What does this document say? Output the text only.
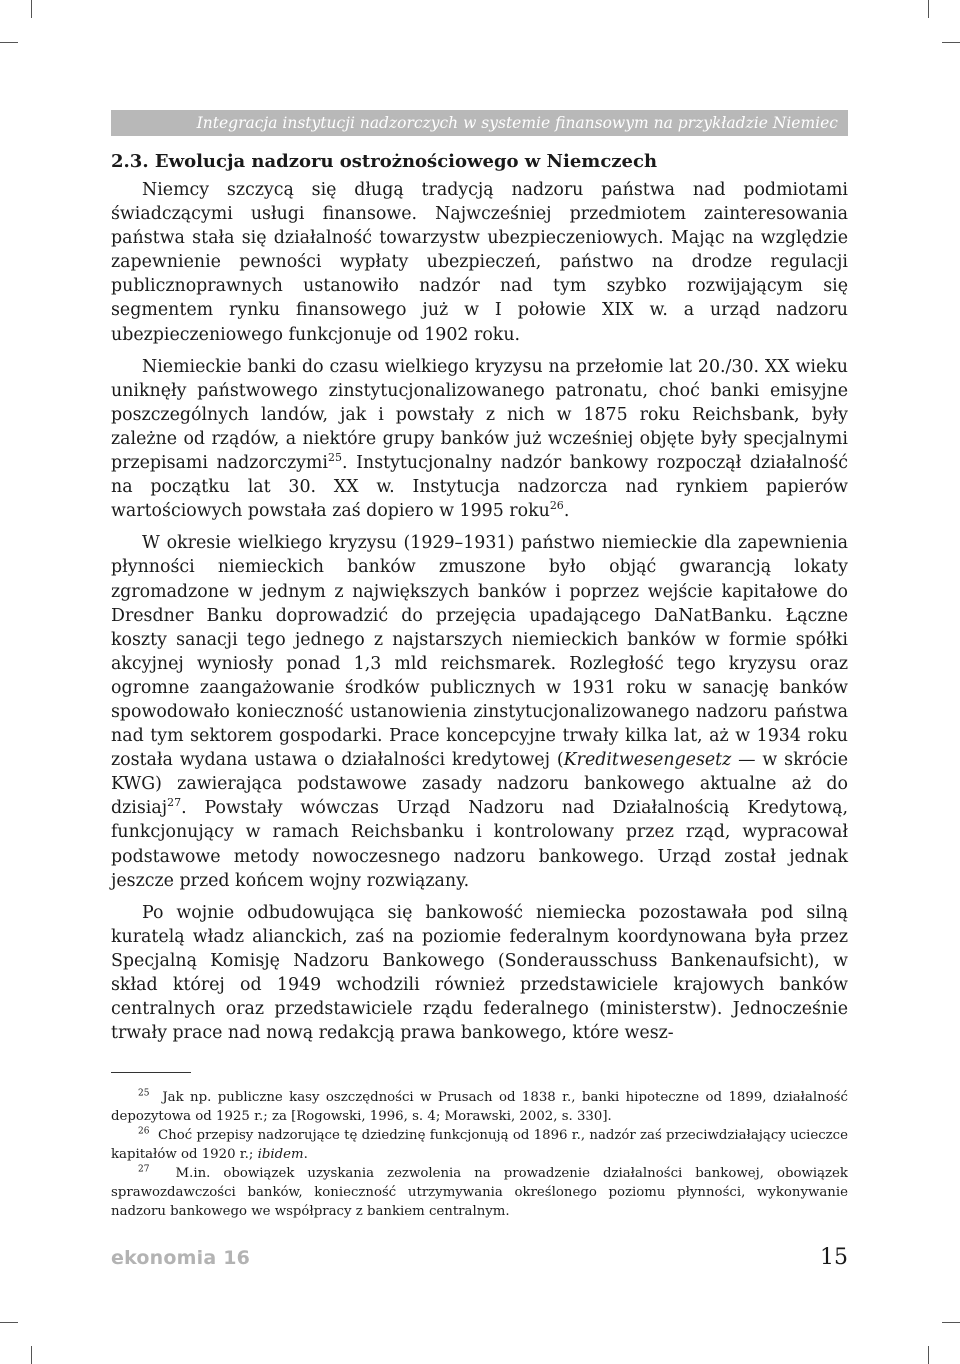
Integracja instytucji nadzorczych w systemie finansowym na przykładzie Niemiec
2.3. Ewolucja nadzoru ostrożnościowego w Niemczech

Niemcy szczycą się długą tradycją nadzoru państwa nad podmiotami świadczącymi usługi finansowe. Najwcześniej przedmiotem zainteresowania państwa stała się działalność towarzystw ubezpieczeniowych. Mając na względzie zapewnienie pewności wypłaty ubezpieczeń, państwo na drodze regulacji publicznoprawnych ustanowiło nadzór nad tym szybko rozwijającym się segmentem rynku finansowego już w I połowie XIX w. a urząd nadzoru ubezpieczeniowego funkcjonuje od 1902 roku.

Niemieckie banki do czasu wielkiego kryzysu na przełomie lat 20./30. XX wieku uniknęły państwowego zinstytucjonalizowanego patronatu, choć banki emisyjne poszczególnych landów, jak i powstały z nich w 1875 roku Reichsbank, były zależne od rządów, a niektóre grupy banków już wcześniej objęte były specjalnymi przepisami nadzorczymi$^{25}$. Instytucjonalny nadzór bankowy rozpoczął działalność na początku lat 30. XX w. Instytucja nadzorcza nad rynkiem papierów wartościowych powstała zaś dopiero w 1995 roku$^{26}$.

W okresie wielkiego kryzysu (1929–1931) państwo niemieckie dla zapewnienia płynności niemieckich banków zmuszone było objąć gwarancją lokaty zgromadzone w jednym z największych banków i poprzez wejście kapitałowe do Dresdner Banku doprowadzić do przejęcia upadającego DaNatBanku. Łączne koszty sanacji tego jednego z najstarszych niemieckich banków w formie spółki akcyjnej wyniosły ponad 1,3 mld reichsmarek. Rozległość tego kryzysu oraz ogromne zaangażowanie środków publicznych w 1931 roku w sanację banków spowodowało konieczność ustanowienia zinstytucjonalizowanego nadzoru państwa nad tym sektorem gospodarki. Prace koncepcyjne trwały kilka lat, aż w 1934 roku została wydana ustawa o działalności kredytowej (Kreditwesengesetz — w skrócie KWG) zawierająca podstawowe zasady nadzoru bankowego aktualne aż do dzisiaj$^{27}$. Powstały wówczas Urząd Nadzoru nad Działalnością Kredytową, funkcjonujący w ramach Reichsbanku i kontrolowany przez rząd, wypracował podstawowe metody nowoczesnego nadzoru bankowego. Urząd został jednak jeszcze przed końcem wojny rozwiązany.

Po wojnie odbudowująca się bankowość niemiecka pozostawała pod silną kuratelą władz alianckich, zaś na poziomie federalnym koordynowana była przez Specjalną Komisję Nadzoru Bankowego (Sonderausschuss Bankenaufsicht), w skład której od 1949 wchodzili również przedstawiciele krajowych banków centralnych oraz przedstawiciele rządu federalnego (ministerstw). Jednocześnie trwały prace nad nową redakcją prawa bankowego, które wesz-

$^{25}$ Jak np. publiczne kasy oszczędności w Prusach od 1838 r., banki hipoteczne od 1899, działalność depozytowa od 1925 r.; za [Rogowski, 1996, s. 4; Morawski, 2002, s. 330].

$^{26}$ Choć przepisy nadzorujące tę dziedzinę funkcjonują od 1896 r., nadzór zaś przeciwdziałający ucieczce kapitałów od 1920 r.; ibidem.

$^{27}$ M.in. obowiązek uzyskania zezwolenia na prowadzenie działalności bankowej, obowiązek sprawozdawczości banków, konieczność utrzymywania określonego poziomu płynności, wykonywanie nadzoru bankowego we współpracy z bankiem centralnym.

ekonomia 16	15
